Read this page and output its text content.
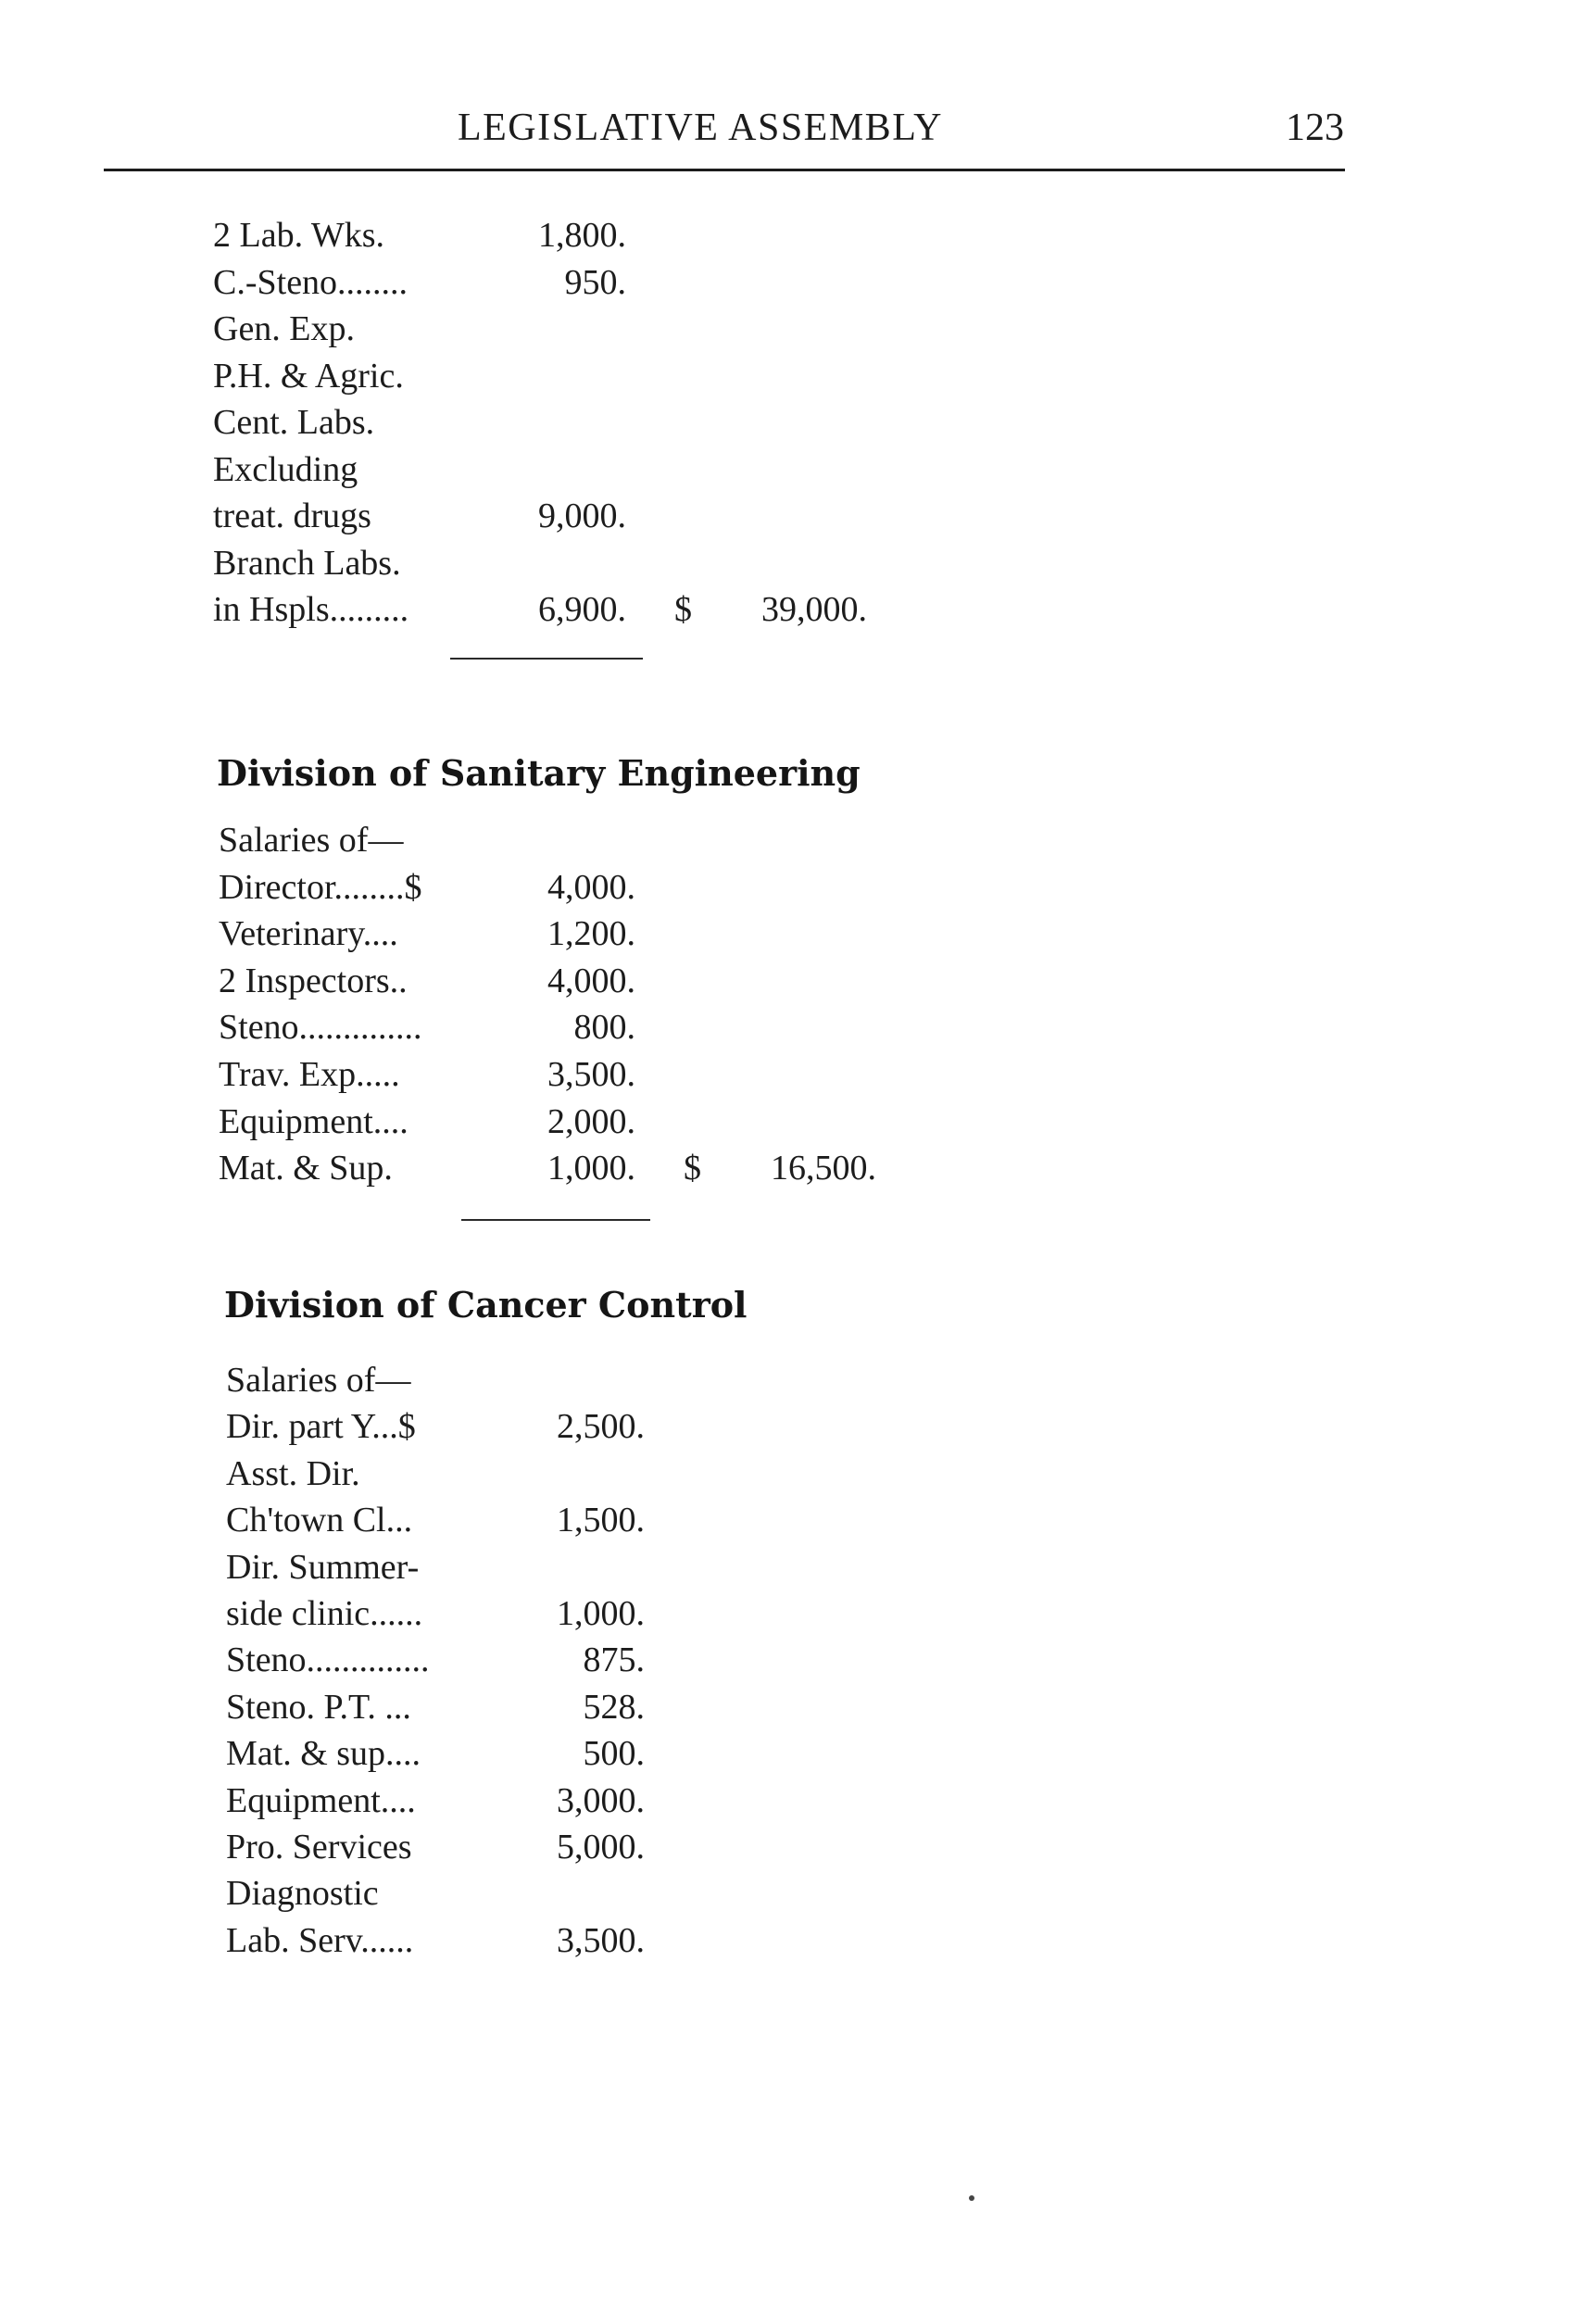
LEGISLATIVE ASSEMBLY	123
2 Lab. Wks.	1,800.
C.-Steno........	950.
Gen. Exp.
P.H. & Agric.
Cent. Labs.
Excluding
treat. drugs	9,000.
Branch Labs.
in Hspls.........	6,900. $	39,000.
Division of Sanitary Engineering
Salaries of—
Director........$	4,000.
Veterinary....	1,200.
2 Inspectors..	4,000.
Steno..............	800.
Trav. Exp.....	3,500.
Equipment....	2,000.
Mat. & Sup.	1,000. $	16,500.
Division of Cancer Control
Salaries of—
Dir. part Y...$	2,500.
Asst. Dir.
Ch'town Cl...	1,500.
Dir. Summer-
side clinic......	1,000.
Steno..............	875.
Steno. P.T. ...	528.
Mat. & sup....	500.
Equipment....	3,000.
Pro. Services	5,000.
Diagnostic
Lab. Serv......	3,500.
